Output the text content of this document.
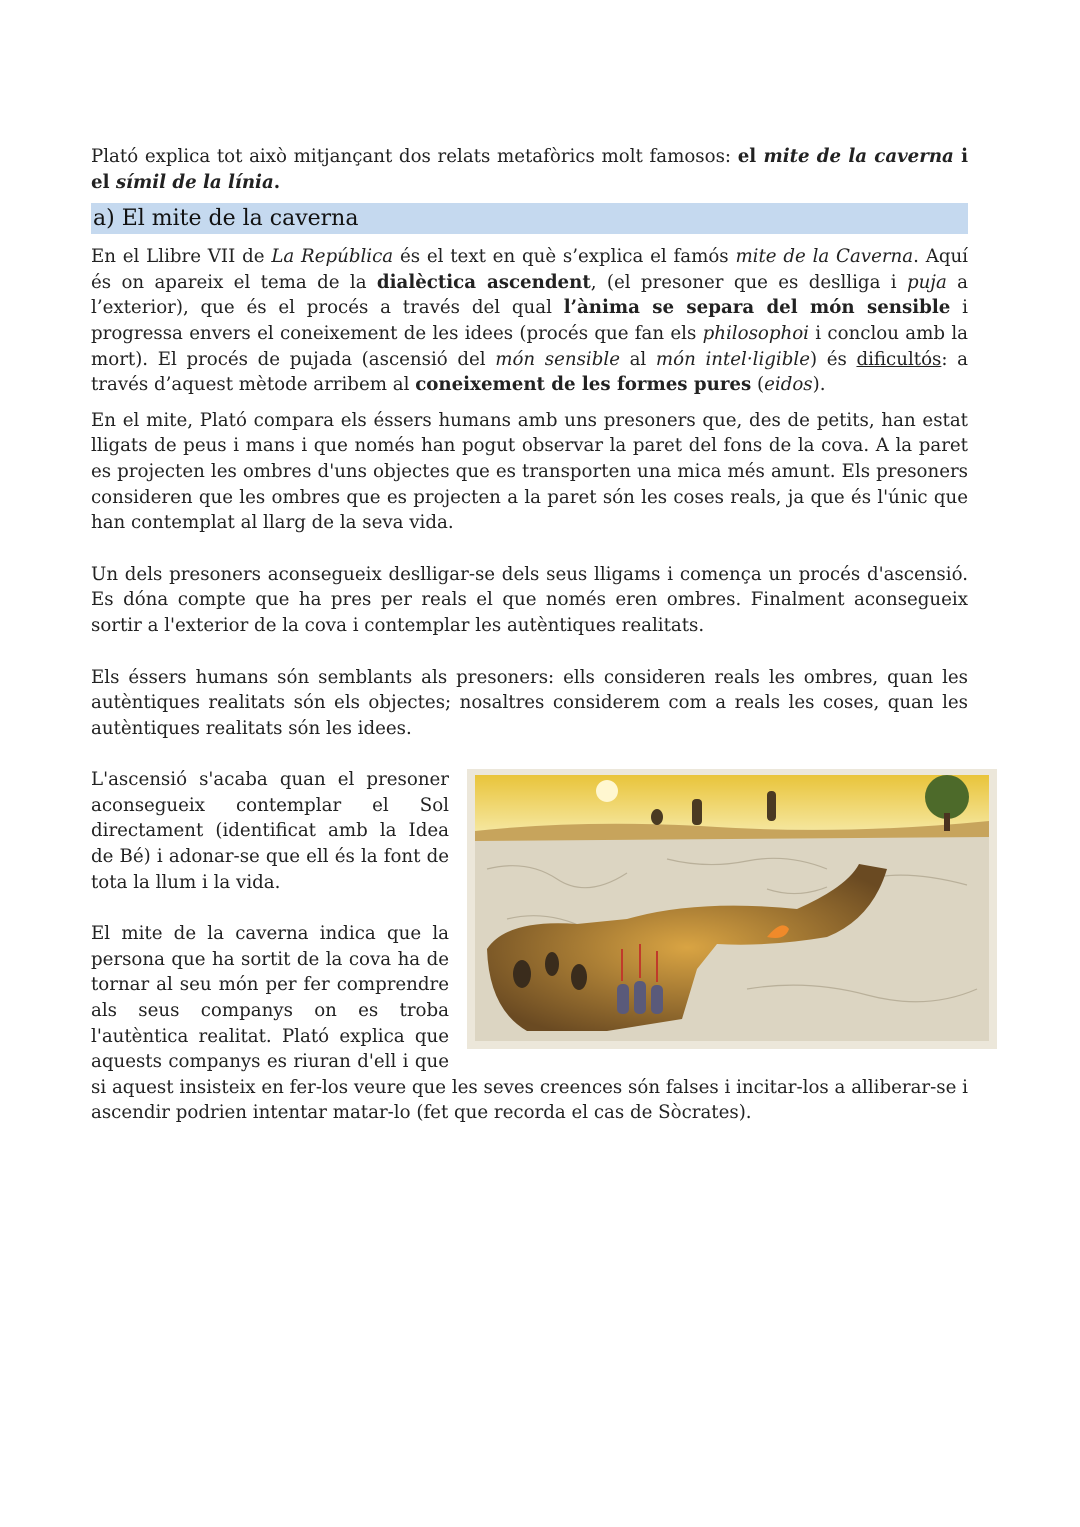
Plató explica tot això mitjançant dos relats metafòrics molt famosos: el mite de la caverna i el símil de la línia.

a) El mite de la caverna

En el Llibre VII de La República és el text en què s’explica el famós mite de la Caverna. Aquí és on apareix el tema de la dialèctica ascendent, (el presoner que es deslliga i puja a l’exterior), que és el procés a través del qual l’ànima se separa del món sensible i progressa envers el coneixement de les idees (procés que fan els philosophoi i conclou amb la mort). El procés de pujada (ascensió del món sensible al món intel·ligible) és dificultós: a través d’aquest mètode arribem al coneixement de les formes pures (eidos).

En el mite, Plató compara els éssers humans amb uns presoners que, des de petits, han estat lligats de peus i mans i que només han pogut observar la paret del fons de la cova. A la paret es projecten les ombres d'uns objectes que es transporten una mica més amunt. Els presoners consideren que les ombres que es projecten a la paret són les coses reals, ja que és l'únic que han contemplat al llarg de la seva vida.

Un dels presoners aconsegueix deslligar-se dels seus lligams i comença un procés d'ascensió. Es dóna compte que ha pres per reals el que només eren ombres. Finalment aconsegueix sortir a l'exterior de la cova i contemplar les autèntiques realitats.

Els éssers humans són semblants als presoners: ells consideren reals les ombres, quan les autèntiques realitats són els objectes; nosaltres considerem com a reals les coses, quan les autèntiques realitats són les idees.

L'ascensió s'acaba quan el presoner aconsegueix contemplar el Sol directament (identificat amb la Idea de Bé) i adonar-se que ell és la font de tota la llum i la vida.

El mite de la caverna indica que la persona que ha sortit de la cova ha de tornar al seu món per fer comprendre als seus companys on es troba l'autèntica realitat. Plató explica que aquests companys es riuran d'ell i que si aquest insisteix en fer-los veure que les seves creences són falses i incitar-los a alliberar-se i ascendir podrien intentar matar-lo (fet que recorda el cas de Sòcrates).
